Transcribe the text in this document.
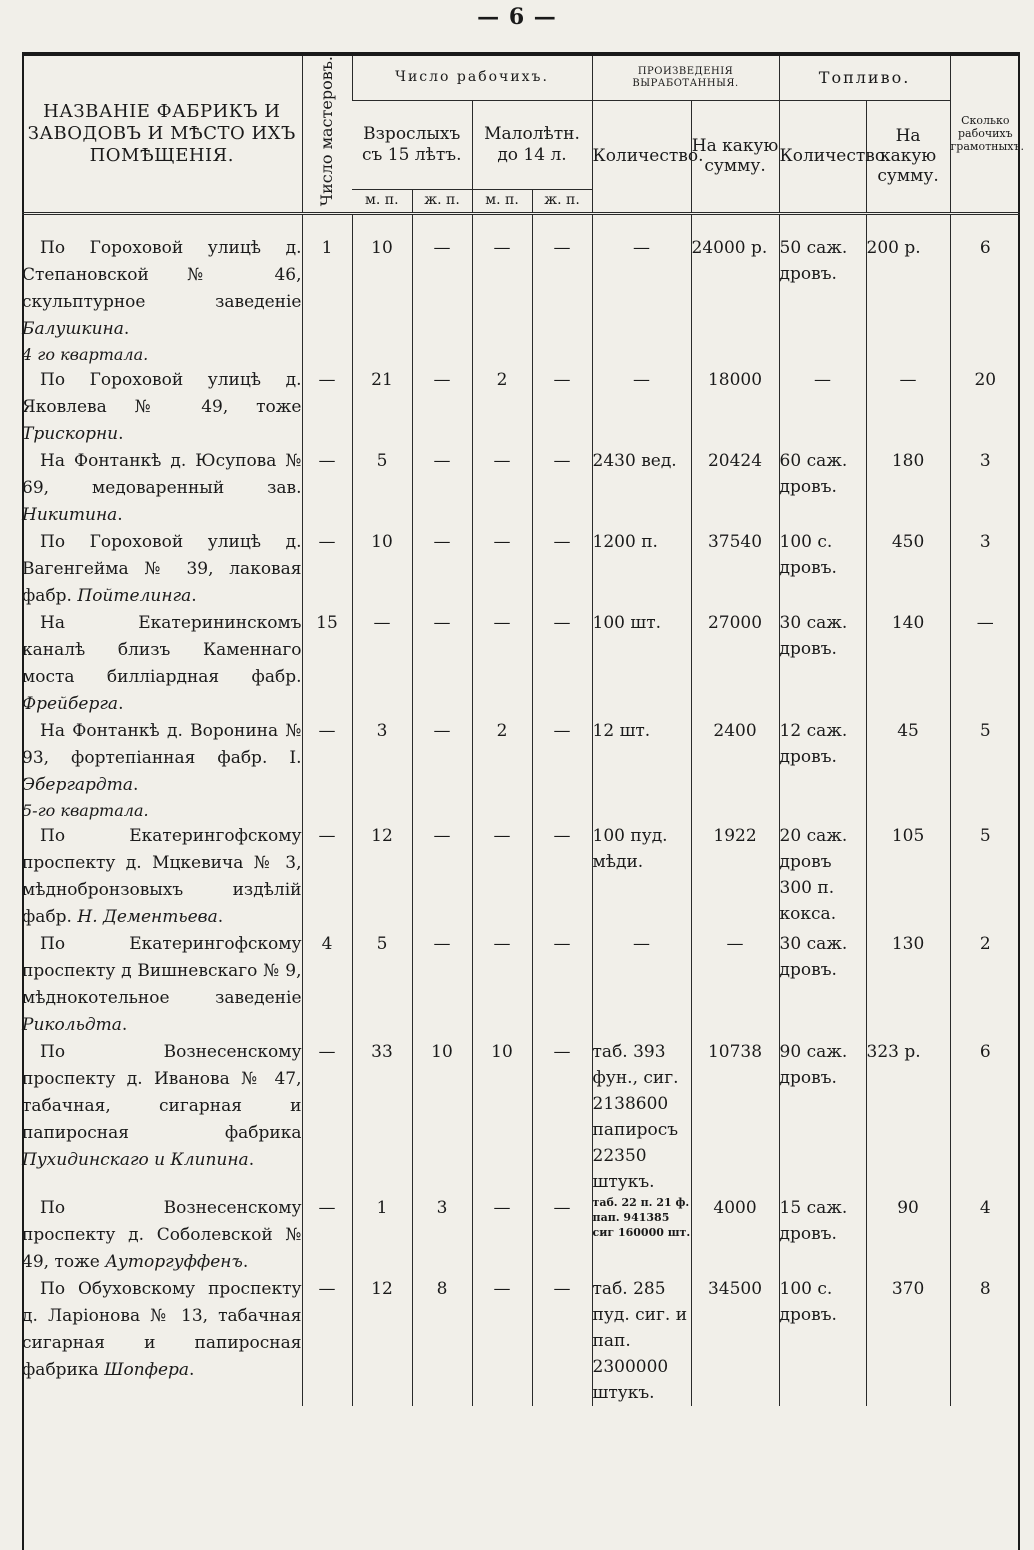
— 6 —
НАЗВАНІЕ ФАБРИКЪ И ЗАВОДОВЪ И МѢСТО ИХЪ ПОМѢЩЕНІЯ.	Число мастеровъ.	Число рабочихъ.				ПРОИЗВЕДЕНІЯ ВЫРАБОТАННЫЯ.		Топливо.		Сколько рабочихъ грамотныхъ.
		Взрослыхъ съ 15 лѣтъ.		Малолѣтн. до 14 л.		Количество.	На какую сумму.	Количество.	На какую сумму.	
		м. п.	ж. п.	м. п.	ж. п.					

По Гороховой улицѣ д. Степановской № 46, скульптурное заведеніе Балушкина.	1	10	—	—	—	—	24000 р.	50 саж. дровъ.	200 р.	6
4 го квартала.										
По Гороховой улицѣ д. Яковлева № 49, тоже Трискорни.	—	21	—	2	—	—	18000	—	—	20
На Фонтанкѣ д. Юсупова № 69, медоваренный зав. Никитина.	—	5	—	—	—	2430 вед.	20424	60 саж. дровъ.	180	3
По Гороховой улицѣ д. Вагенгейма № 39, лаковая фабр. Пойтелинга.	—	10	—	—	—	1200 п.	37540	100 с. дровъ.	450	3
На Екатерининскомъ каналѣ близъ Каменнаго моста билліардная фабр. Фрейберга.	15	—	—	—	—	100 шт.	27000	30 саж. дровъ.	140	—
На Фонтанкѣ д. Воронина № 93, фортепіанная фабр. І. Эбергардта.	—	3	—	2	—	12 шт.	2400	12 саж. дровъ.	45	5
5-го квартала.										
По Екатерингофскому проспекту д. Мцкевича № 3, мѣднобронзовыхъ издѣлій фабр. Н. Дементьева.	—	12	—	—	—	100 пуд. мѣди.	1922	20 саж. дровъ 300 п. кокса.	105	5
По Екатерингофскому проспекту д Вишневскаго № 9, мѣднокотельное заведеніе Рикольдта.	4	5	—	—	—	—	—	30 саж. дровъ.	130	2
По Вознесенскому проспекту д. Иванова № 47, табачная, сигарная и папиросная фабрика Пухидинскаго и Клипина.	—	33	10	10	—	таб. 393 фун., сиг. 2138600 папиросъ 22350 штукъ.	10738	90 саж. дровъ.	323 р.	6
По Вознесенскому проспекту д. Соболевской № 49, тоже Аутоpгуффенъ.	—	1	3	—	—	таб. 22 п. 21 ф. пап. 941385 сиг 160000 шт.	4000	15 саж. дровъ.	90	4
По Обуховскому проспекту д. Ларіонова № 13, табачная сигарная и папиросная фабрика Шопфера.	—	12	8	—	—	таб. 285 пуд. сиг. и пап. 2300000 штукъ.	34500	100 с. дровъ.	370	8
